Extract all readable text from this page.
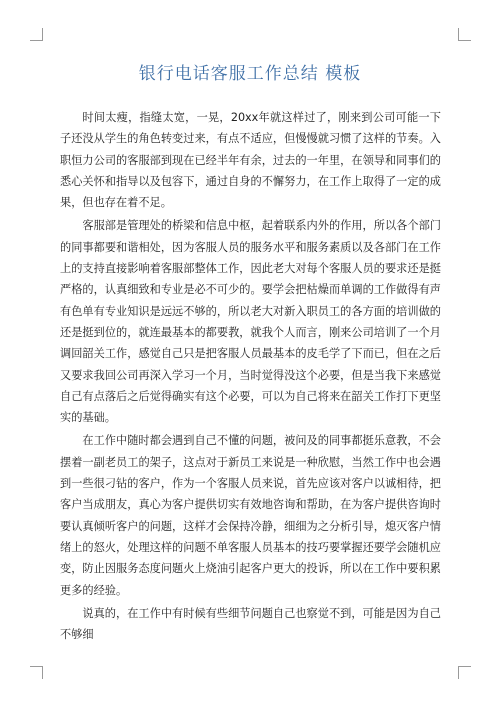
银行电话客服工作总结 模板

时间太瘦，指缝太宽，一晃，20xx年就这样过了，刚来到公司可能一下子还没从学生的角色转变过来，有点不适应，但慢慢就习惯了这样的节奏。入职恒力公司的客服部到现在已经半年有余，过去的一年里，在领导和同事们的悉心关怀和指导以及包容下，通过自身的不懈努力，在工作上取得了一定的成果，但也存在着不足。

客服部是管理处的桥梁和信息中枢，起着联系内外的作用，所以各个部门的同事都要和谐相处，因为客服人员的服务水平和服务素质以及各部门在工作上的支持直接影响着客服部整体工作，因此老大对每个客服人员的要求还是挺严格的，认真细致和专业是必不可少的。要学会把枯燥而单调的工作做得有声有色单有专业知识是远远不够的，所以老大对新入职员工的各方面的培训做的还是挺到位的，就连最基本的都要教，就我个人而言，刚来公司培训了一个月调回韶关工作，感觉自己只是把客服人员最基本的皮毛学了下而已，但在之后又要求我回公司再深入学习一个月，当时觉得没这个必要，但是当我下来感觉自己有点落后之后觉得确实有这个必要，可以为自己将来在韶关工作打下更坚实的基础。

在工作中随时都会遇到自己不懂的问题，被问及的同事都挺乐意教，不会摆着一副老员工的架子，这点对于新员工来说是一种欣慰，当然工作中也会遇到一些很刁钻的客户，作为一个客服人员来说，首先应该对客户以诚相待，把客户当成朋友，真心为客户提供切实有效地咨询和帮助，在为客户提供咨询时要认真倾听客户的问题，这样才会保持冷静，细细为之分析引导，熄灭客户情绪上的怒火，处理这样的问题不单客服人员基本的技巧要掌握还要学会随机应变，防止因服务态度问题火上烧油引起客户更大的投诉，所以在工作中要积累更多的经验。

说真的，在工作中有时候有些细节问题自己也察觉不到，可能是因为自己不够细
